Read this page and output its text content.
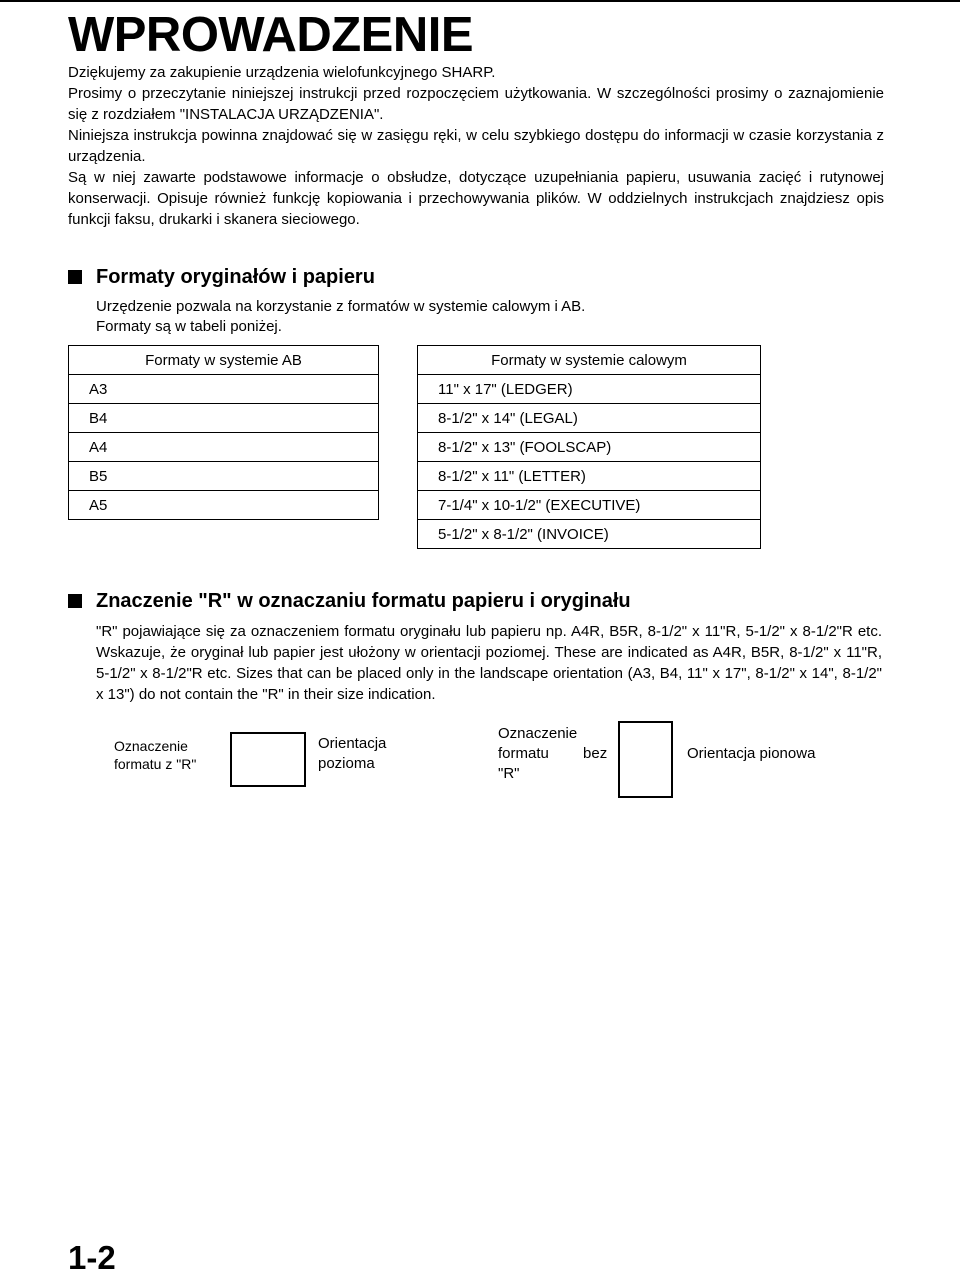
WPROWADZENIE

Dziękujemy za zakupienie urządzenia wielofunkcyjnego SHARP.

Prosimy o przeczytanie niniejszej instrukcji przed rozpoczęciem użytkowania. W szczególności prosimy o zaznajomienie się z rozdziałem "INSTALACJA URZĄDZENIA".

Niniejsza instrukcja powinna znajdować się w zasięgu ręki, w celu szybkiego dostępu do informacji w czasie korzystania z urządzenia.

Są w niej zawarte podstawowe informacje o obsłudze, dotyczące uzupełniania papieru, usuwania zacięć i rutynowej konserwacji. Opisuje również funkcję kopiowania i przechowywania plików. W oddzielnych instrukcjach znajdziesz opis funkcji faksu, drukarki i skanera sieciowego.

Formaty oryginałów i papieru

Urzędzenie pozwala na korzystanie z formatów w systemie calowym i AB.

Formaty są w tabeli poniżej.

Formaty w systemie AB
A3
B4
A4
B5
A5
Formaty w systemie calowym
11" x 17" (LEDGER)
8-1/2" x 14" (LEGAL)
8-1/2" x 13" (FOOLSCAP)
8-1/2" x 11" (LETTER)
7-1/4" x 10-1/2" (EXECUTIVE)
5-1/2" x 8-1/2" (INVOICE)
Znaczenie "R" w oznaczaniu formatu papieru i oryginału

"R" pojawiające się za oznaczeniem formatu oryginału lub papieru np. A4R, B5R, 8-1/2" x 11"R, 5-1/2" x 8-1/2"R etc. Wskazuje, że oryginał lub papier jest ułożony w orientacji poziomej. These are indicated as A4R, B5R, 8-1/2" x 11"R, 5-1/2" x 8-1/2"R etc. Sizes that can be placed only in the landscape orientation (A3, B4, 11" x 17", 8-1/2" x 14", 8-1/2" x 13") do not contain the "R" in their size indication.

Oznaczenie
formatu z "R"
Orientacja
pozioma
Oznaczenie
formatu bez
"R"
Orientacja pionowa
1-2
